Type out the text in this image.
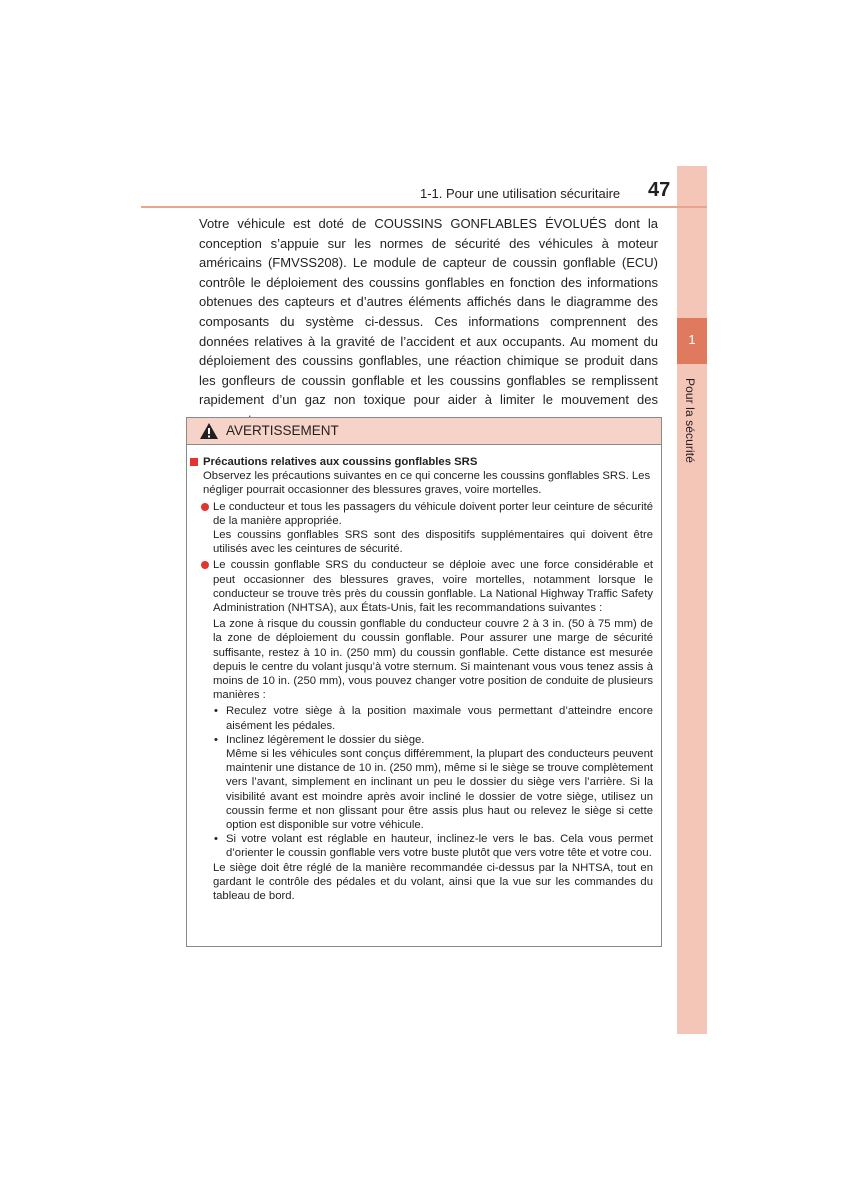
1
Pour la sécurité
1-1. Pour une utilisation sécuritaire 47

Votre véhicule est doté de COUSSINS GONFLABLES ÉVOLUÉS dont la conception s’appuie sur les normes de sécurité des véhicules à moteur américains (FMVSS208). Le module de capteur de coussin gonflable (ECU) contrôle le déploiement des coussins gonflables en fonction des informations obtenues des capteurs et d’autres éléments affichés dans le diagramme des composants du système ci-dessus. Ces informations comprennent des données relatives à la gravité de l’accident et aux occupants. Au moment du déploiement des coussins gonflables, une réaction chimique se produit dans les gonfleurs de coussin gonflable et les coussins gonflables se remplissent rapidement d’un gaz non toxique pour aider à limiter le mouvement des

AVERTISSEMENT
Précautions relatives aux coussins gonflables SRS

Observez les précautions suivantes en ce qui concerne les coussins gonflables SRS. Les négliger pourrait occasionner des blessures graves, voire mortelles.

Le conducteur et tous les passagers du véhicule doivent porter leur ceinture de sécurité de la manière appropriée.

Les coussins gonflables SRS sont des dispositifs supplémentaires qui doivent être utilisés avec les ceintures de sécurité.

Le coussin gonflable SRS du conducteur se déploie avec une force considérable et peut occasionner des blessures graves, voire mortelles, notamment lorsque le conducteur se trouve très près du coussin gonflable. La National Highway Traffic Safety Administration (NHTSA), aux États-Unis, fait les recommandations suivantes :

La zone à risque du coussin gonflable du conducteur couvre 2 à 3 in. (50 à 75 mm) de la zone de déploiement du coussin gonflable. Pour assurer une marge de sécurité suffisante, restez à 10 in. (250 mm) du coussin gonflable. Cette distance est mesurée depuis le centre du volant jusqu’à votre sternum. Si maintenant vous vous tenez assis à moins de 10 in. (250 mm), vous pouvez changer votre position de conduite de plusieurs manières :

• Reculez votre siège à la position maximale vous permettant d’atteindre encore aisément les pédales.

• Inclinez légèrement le dossier du siège.

Même si les véhicules sont conçus différemment, la plupart des conducteurs peuvent maintenir une distance de 10 in. (250 mm), même si le siège se trouve complètement vers l’avant, simplement en inclinant un peu le dossier du siège vers l’arrière. Si la visibilité avant est moindre après avoir incliné le dossier de votre siège, utilisez un coussin ferme et non glissant pour être assis plus haut ou relevez le siège si cette option est disponible sur votre véhicule.

• Si votre volant est réglable en hauteur, inclinez-le vers le bas. Cela vous permet d’orienter le coussin gonflable vers votre buste plutôt que vers votre tête et votre cou.

Le siège doit être réglé de la manière recommandée ci-dessus par la NHTSA, tout en gardant le contrôle des pédales et du volant, ainsi que la vue sur les commandes du tableau de bord.
